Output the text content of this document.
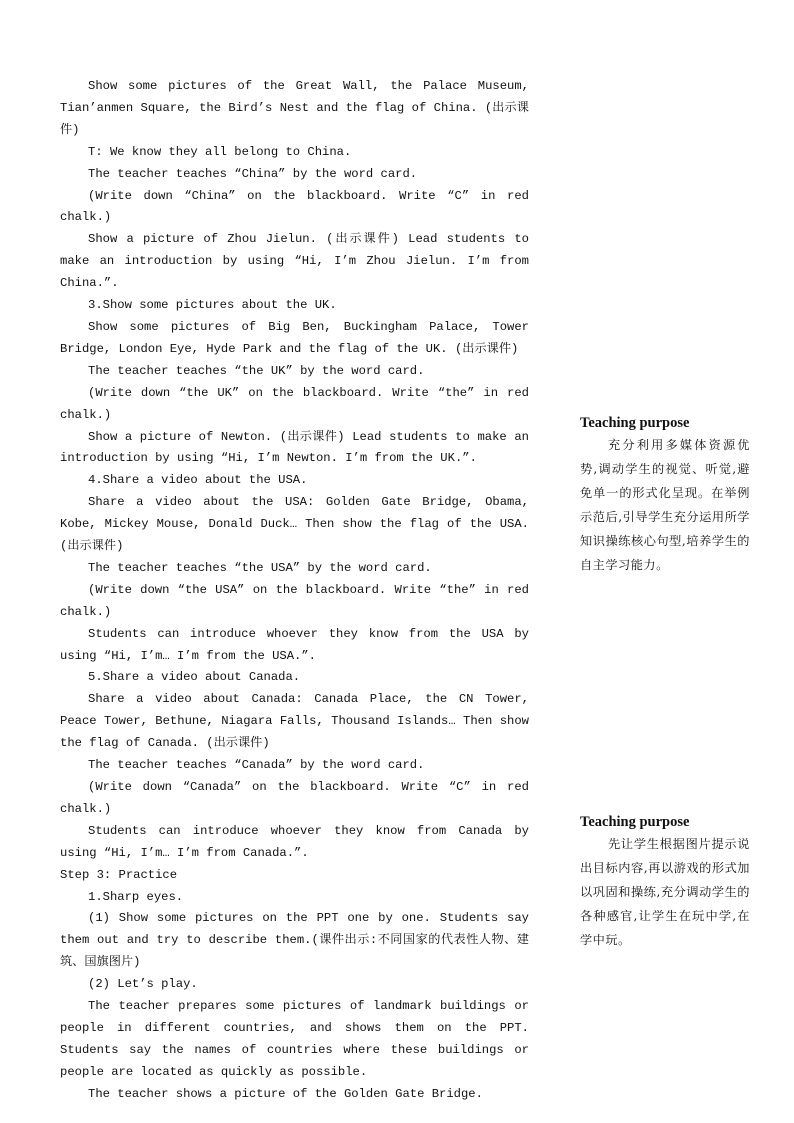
Show some pictures of the Great Wall, the Palace Museum, Tian’anmen Square, the Bird’s Nest and the flag of China. (出示课件)

T: We know they all belong to China.

The teacher teaches “China” by the word card.

(Write down “China” on the blackboard. Write “C” in red chalk.)

Show a picture of Zhou Jielun. (出示课件) Lead students to make an introduction by using “Hi, I’m Zhou Jielun. I’m from China.”.

3.Show some pictures about the UK.

Show some pictures of Big Ben, Buckingham Palace, Tower Bridge, London Eye, Hyde Park and the flag of the UK. (出示课件)

The teacher teaches “the UK” by the word card.

(Write down “the UK” on the blackboard. Write “the” in red chalk.)

Show a picture of Newton. (出示课件) Lead students to make an introduction by using “Hi, I’m Newton. I’m from the UK.”.

4.Share a video about the USA.

Share a video about the USA: Golden Gate Bridge, Obama, Kobe, Mickey Mouse, Donald Duck… Then show the flag of the USA. (出示课件)

The teacher teaches “the USA” by the word card.

(Write down “the USA” on the blackboard. Write “the” in red chalk.)

Students can introduce whoever they know from the USA by using “Hi, I’m… I’m from the USA.”.

5.Share a video about Canada.

Share a video about Canada: Canada Place, the CN Tower, Peace Tower, Bethune, Niagara Falls, Thousand Islands… Then show the flag of Canada. (出示课件)

The teacher teaches “Canada” by the word card.

(Write down “Canada” on the blackboard. Write “C” in red chalk.)

Students can introduce whoever they know from Canada by using “Hi, I’m… I’m from Canada.”.

Step 3: Practice

1.Sharp eyes.

(1) Show some pictures on the PPT one by one. Students say them out and try to describe them.(课件出示:不同国家的代表性人物、建筑、国旗图片)

(2) Let’s play.

The teacher prepares some pictures of landmark buildings or people in different countries, and shows them on the PPT. Students say the names of countries where these buildings or people are located as quickly as possible.

The teacher shows a picture of the Golden Gate Bridge.

Teaching purpose

充分利用多媒体资源优势,调动学生的视觉、听觉,避免单一的形式化呈现。在举例示范后,引导学生充分运用所学知识操练核心句型,培养学生的自主学习能力。

Teaching purpose

先让学生根据图片提示说出目标内容,再以游戏的形式加以巩固和操练,充分调动学生的各种感官,让学生在玩中学,在学中玩。
